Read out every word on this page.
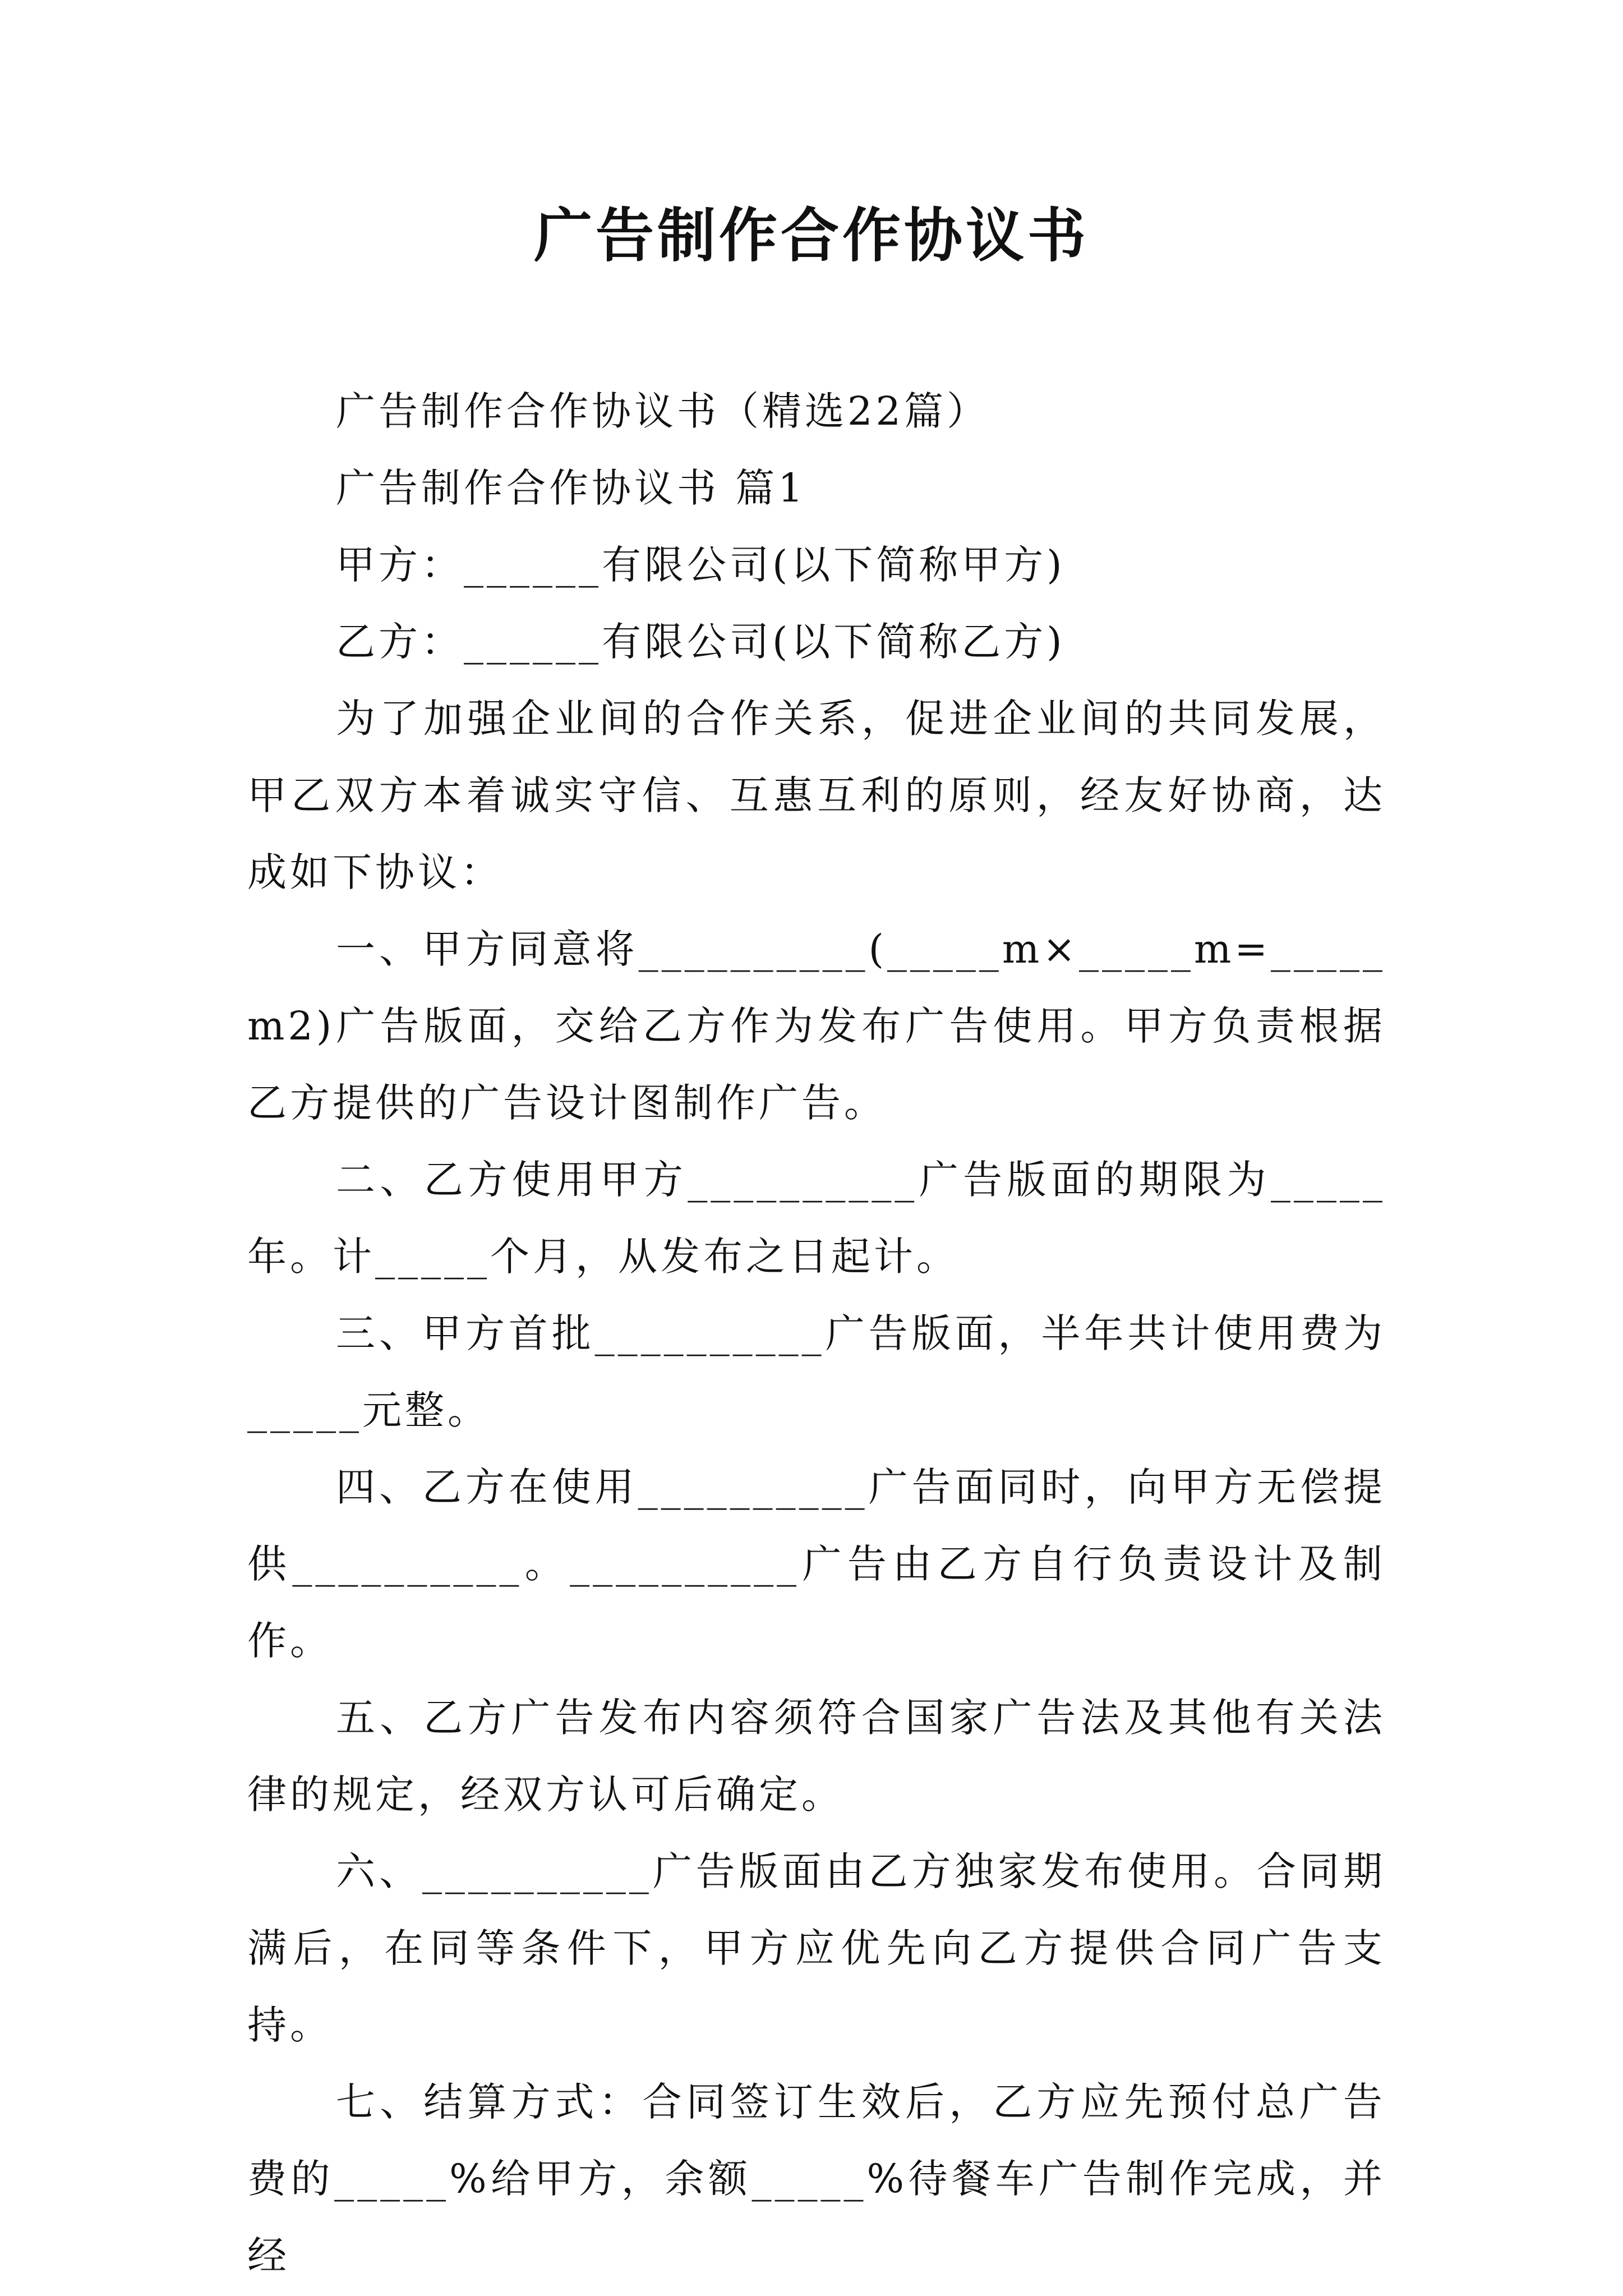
广告制作合作协议书

广告制作合作协议书（精选22篇）

广告制作合作协议书 篇1

甲方：______有限公司(以下简称甲方)

乙方：______有限公司(以下简称乙方)

为了加强企业间的合作关系，促进企业间的共同发展，甲乙双方本着诚实守信、互惠互利的原则，经友好协商，达成如下协议：

一、甲方同意将__________(_____m×_____m=_____m2)广告版面，交给乙方作为发布广告使用。甲方负责根据乙方提供的广告设计图制作广告。

二、乙方使用甲方__________广告版面的期限为_____年。计_____个月，从发布之日起计。

三、甲方首批__________广告版面，半年共计使用费为_____元整。

四、乙方在使用__________广告面同时，向甲方无偿提供__________。__________广告由乙方自行负责设计及制作。

五、乙方广告发布内容须符合国家广告法及其他有关法律的规定，经双方认可后确定。

六、__________广告版面由乙方独家发布使用。合同期满后，在同等条件下，甲方应优先向乙方提供合同广告支持。

七、结算方式：合同签订生效后，乙方应先预付总广告费的_____%给甲方，余额_____%待餐车广告制作完成，并经
